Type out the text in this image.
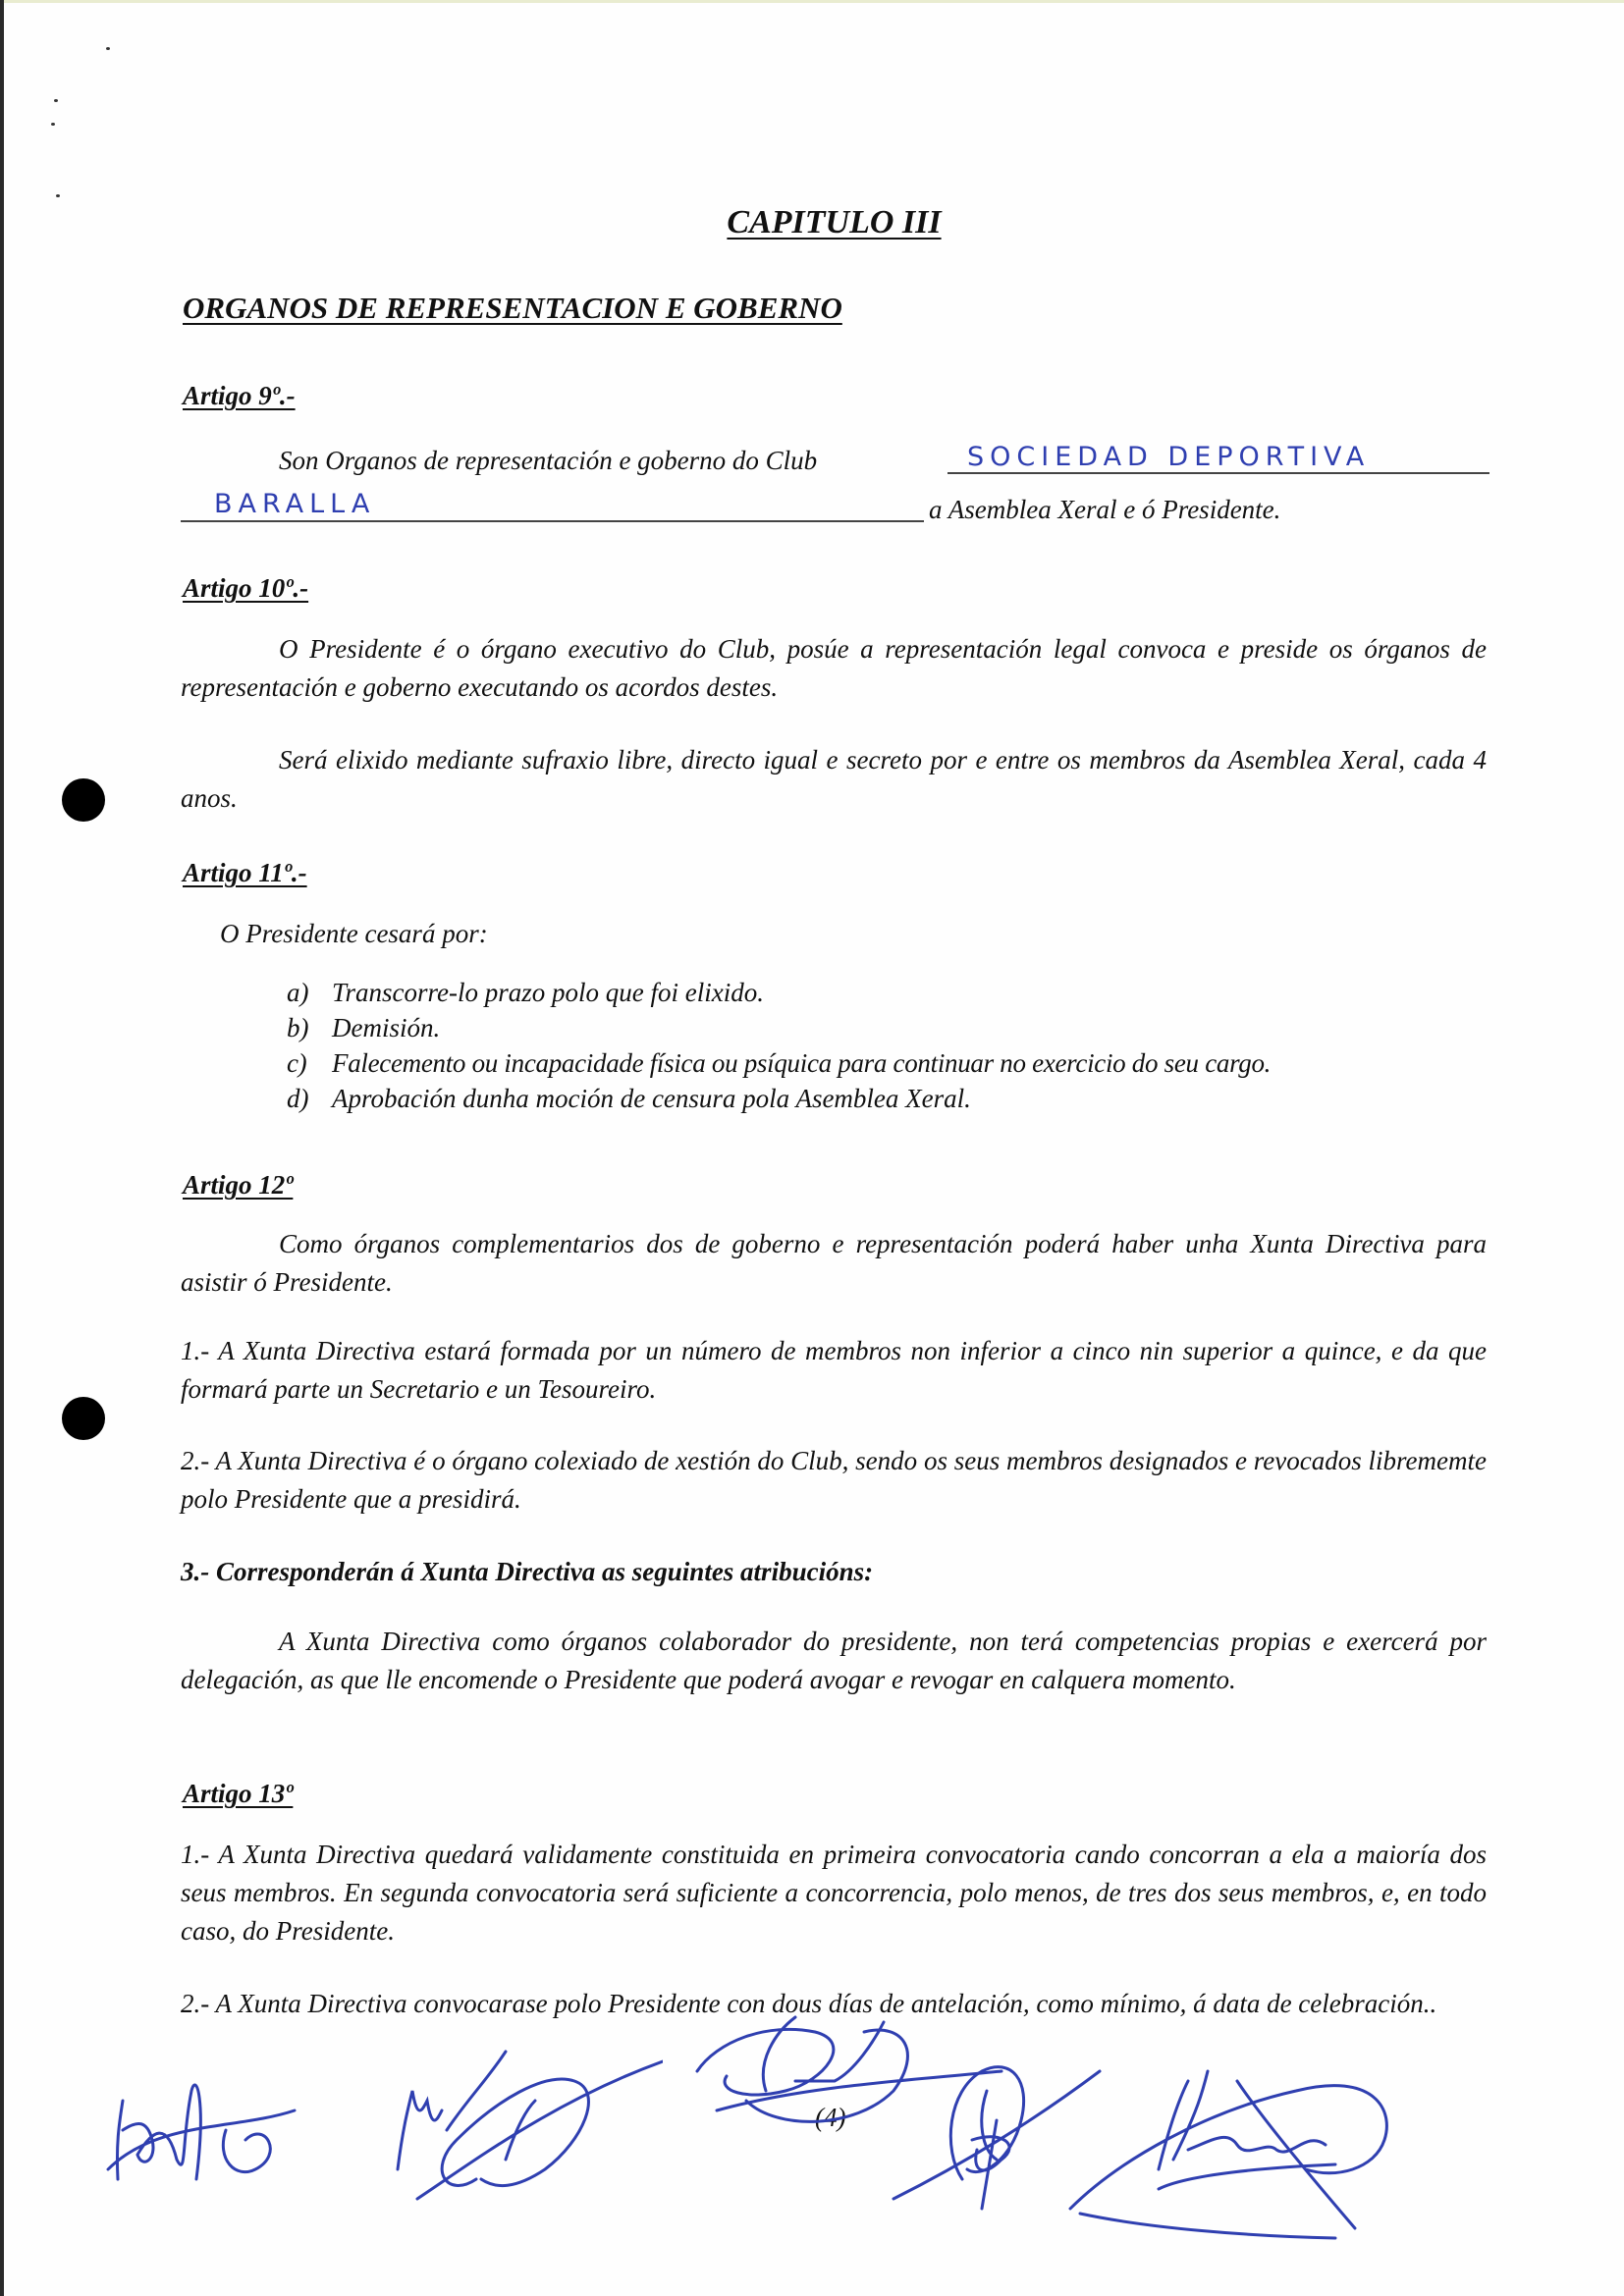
CAPITULO III
ORGANOS DE REPRESENTACION E GOBERNO
Artigo 9º.-
Son Organos de representación e goberno do Club	SOCIEDAD DEPORTIVA
BARALLA	a Asemblea Xeral e ó Presidente.
Artigo 10º.-
O Presidente é o órgano executivo do Club, posúe a representación legal convoca e preside os órganos de representación e goberno executando os acordos destes.
Será elixido mediante sufraxio libre, directo igual e secreto por e entre os membros da Asemblea Xeral, cada 4 anos.
Artigo 11º.-
O Presidente cesará por:
a) Transcorre-lo prazo polo que foi elixido.
b) Demisión.
c) Falecemento ou incapacidade física ou psíquica para continuar no exercicio do seu cargo.
d) Aprobación dunha moción de censura pola Asemblea Xeral.
Artigo 12º
Como órganos complementarios dos de goberno e representación poderá haber unha Xunta Directiva para asistir ó Presidente.
1.- A Xunta Directiva estará formada por un número de membros non inferior a cinco nin superior a quince, e da que formará parte un Secretario e un Tesoureiro.
2.- A Xunta Directiva é o órgano colexiado de xestión do Club, sendo os seus membros designados e revocados librememte polo Presidente que a presidirá.
3.- Corresponderán á Xunta Directiva as seguintes atribucións:
A Xunta Directiva como órganos colaborador do presidente, non terá competencias propias e exercerá por delegación, as que lle encomende o Presidente que poderá avogar e revogar en calquera momento.
Artigo 13º
1.- A Xunta Directiva quedará validamente constituida en primeira convocatoria cando concorran a ela a maioría dos seus membros. En segunda convocatoria será suficiente a concorrencia, polo menos, de tres dos seus membros, e, en todo caso, do Presidente.
2.- A Xunta Directiva convocarase polo Presidente con dous días de antelación, como mínimo, á data de celebración..
(4)
